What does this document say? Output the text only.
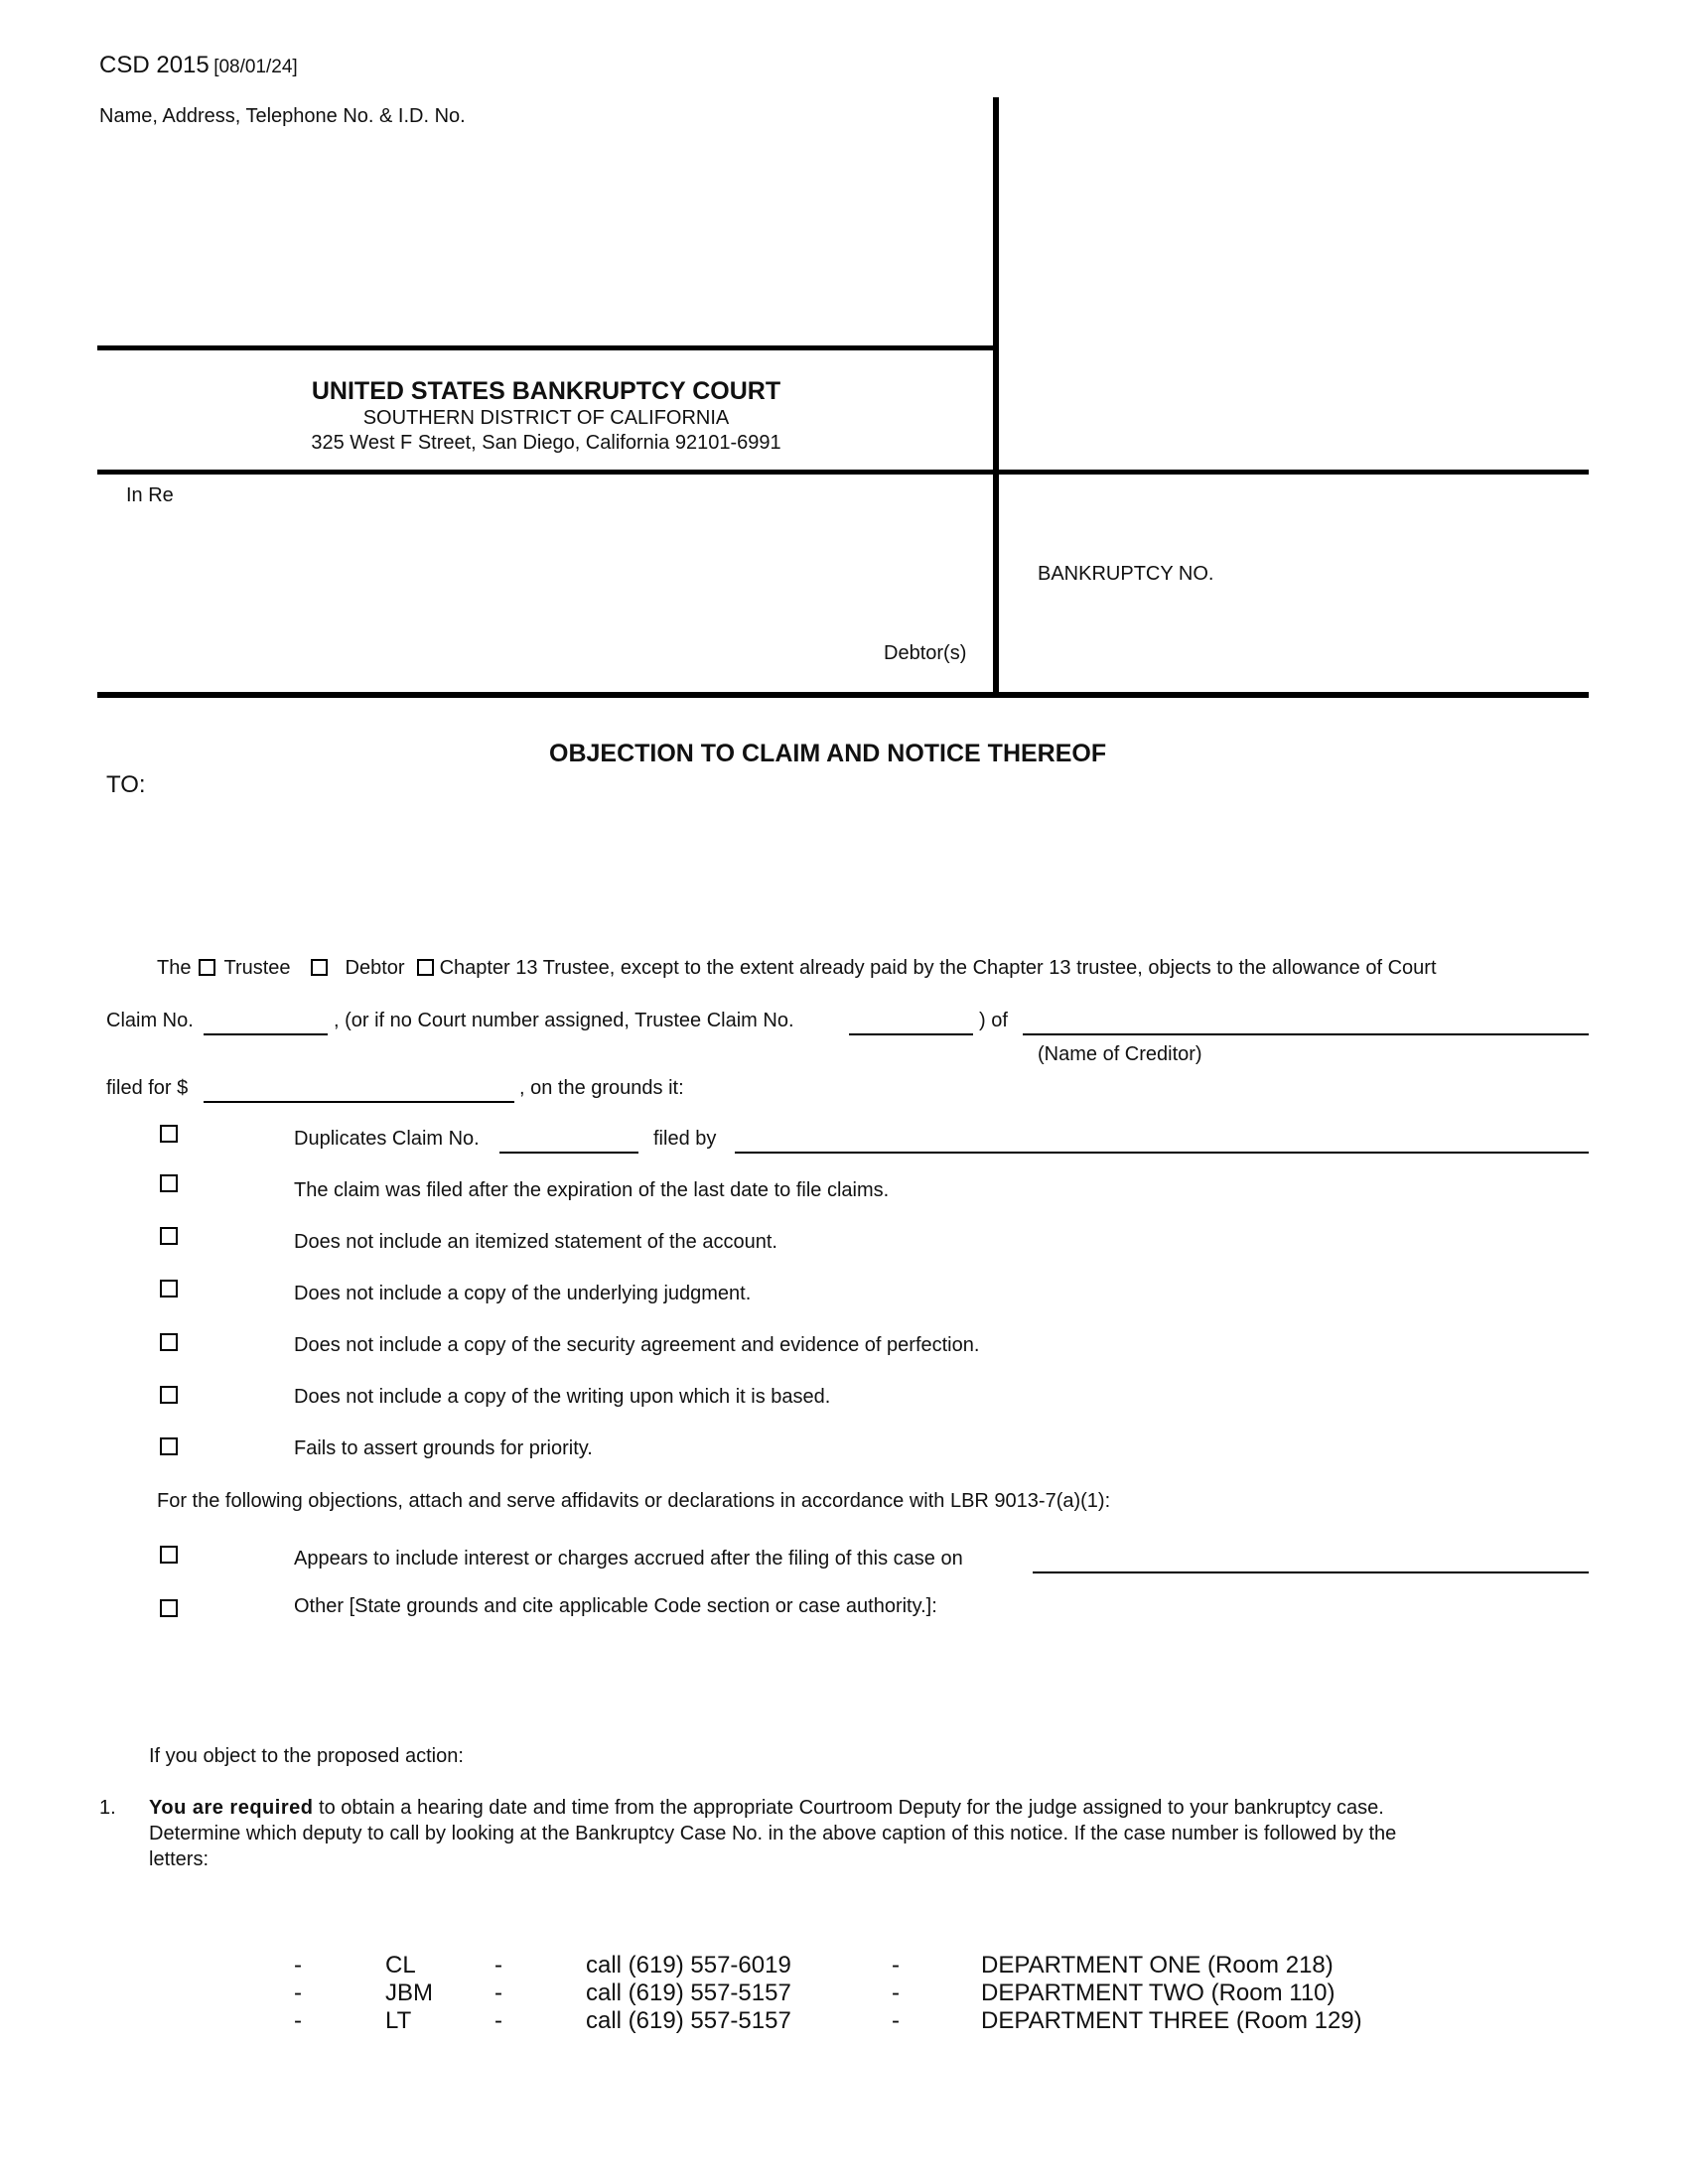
CSD 2015 [08/01/24]
Name, Address, Telephone No. & I.D. No.
UNITED STATES BANKRUPTCY COURT
SOUTHERN DISTRICT OF CALIFORNIA
325 West F Street, San Diego, California 92101-6991
In Re
Debtor(s)
BANKRUPTCY NO.
OBJECTION TO CLAIM AND NOTICE THEREOF
TO:
The Trustee	Debtor Chapter 13 Trustee, except to the extent already paid by the Chapter 13 trustee, objects to the allowance of Court
Claim No.	, (or if no Court number assigned, Trustee Claim No.	) of
(Name of Creditor)
filed for $	, on the grounds it:
Duplicates Claim No.	filed by
The claim was filed after the expiration of the last date to file claims.
Does not include an itemized statement of the account.
Does not include a copy of the underlying judgment.
Does not include a copy of the security agreement and evidence of perfection.
Does not include a copy of the writing upon which it is based.
Fails to assert grounds for priority.
For the following objections, attach and serve affidavits or declarations in accordance with LBR 9013-7(a)(1):
Appears to include interest or charges accrued after the filing of this case on
Other [State grounds and cite applicable Code section or case authority.]:
If you object to the proposed action:
1. You are required to obtain a hearing date and time from the appropriate Courtroom Deputy for the judge assigned to your bankruptcy case.
Determine which deputy to call by looking at the Bankruptcy Case No. in the above caption of this notice. If the case number is followed by the
letters:
-	CL	-	call (619) 557-6019	-	DEPARTMENT ONE (Room 218)
-	JBM	-	call (619) 557-5157	-	DEPARTMENT TWO (Room 110)
-	LT	-	call (619) 557-5157	-	DEPARTMENT THREE (Room 129)
